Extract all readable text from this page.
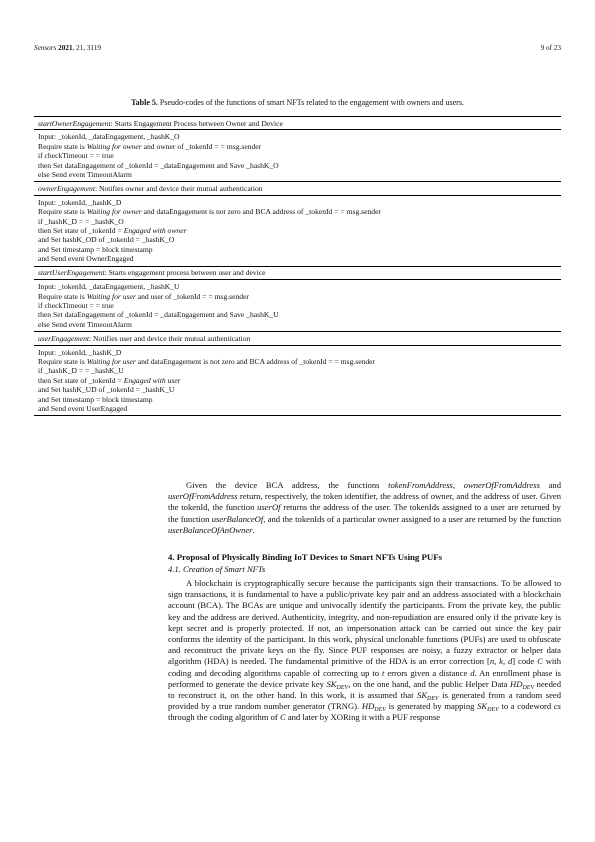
Sensors 2021, 21, 3119	9 of 23
Table 5. Pseudo-codes of the functions of smart NFTs related to the engagement with owners and users.
startOwnerEngagement: Starts Engagement Process between Owner and Device
Input: _tokenId, _dataEngagement, _hashK_O
Require state is Waiting for owner and owner of _tokenId = = msg.sender
if checkTimeout = = true
then Set dataEngagement of _tokenId = _dataEngagement and Save _hashK_O
else Send event TimeoutAlarm
ownerEngagement: Notifies owner and device their mutual authentication
Input: _tokenId, _hashK_D
Require state is Waiting for owner and dataEngagement is not zero and BCA address of _tokenId = = msg.sender
if _hashK_D = = _hashK_O
then Set state of _tokenId = Engaged with owner
and Set hashK_OD of _tokenId = _hashK_O
and Set timestamp = block timestamp
and Send event OwnerEngaged
startUserEngagement: Starts engagement process between user and device
Input: _tokenId, _dataEngagement, _hashK_U
Require state is Waiting for user and user of _tokenId = = msg.sender
if checkTimeout = = true
then Set dataEngagement of _tokenId = _dataEngagement and Save _hashK_U
else Send event TimeoutAlarm
userEngagement: Notifies user and device their mutual authentication
Input: _tokenId, _hashK_D
Require state is Waiting for user and dataEngagement is not zero and BCA address of _tokenId = = msg.sender
if _hashK_D = = _hashK_U
then Set state of _tokenId = Engaged with user
and Set hashK_UD of _tokenId = _hashK_U
and Set timestamp = block timestamp
and Send event UserEngaged

Given the device BCA address, the functions tokenFromAddress, ownerOfFromAddress and userOfFromAddress return, respectively, the token identifier, the address of owner, and the address of user. Given the tokenId, the function userOf returns the address of the user. The tokenIds assigned to a user are returned by the function userBalanceOf, and the tokenIds of a particular owner assigned to a user are returned by the function userBalanceOfAnOwner.

4. Proposal of Physically Binding IoT Devices to Smart NFTs Using PUFs
4.1. Creation of Smart NFTs

A blockchain is cryptographically secure because the participants sign their transactions. To be allowed to sign transactions, it is fundamental to have a public/private key pair and an address associated with a blockchain account (BCA). The BCAs are unique and univocally identify the participants. From the private key, the public key and the address are derived. Authenticity, integrity, and non-repudiation are ensured only if the private key is kept secret and is properly protected. If not, an impersonation attack can be carried out since the key pair conforms the identity of the participant. In this work, physical unclonable functions (PUFs) are used to obfuscate and reconstruct the private keys on the fly. Since PUF responses are noisy, a fuzzy extractor or helper data algorithm (HDA) is needed. The fundamental primitive of the HDA is an error correction [n, k, d] code C with coding and decoding algorithms capable of correcting up to t errors given a distance d. An enrollment phase is performed to generate the device private key $SK_{DEV}$, on the one hand, and the public Helper Data $HD_{DEV}$ needed to reconstruct it, on the other hand. In this work, it is assumed that $SK_{DEV}$ is generated from a random seed provided by a true random number generator (TRNG). $HD_{DEV}$ is generated by mapping $SK_{DEV}$ to a codeword cs through the coding algorithm of C and later by XORing it with a PUF response
